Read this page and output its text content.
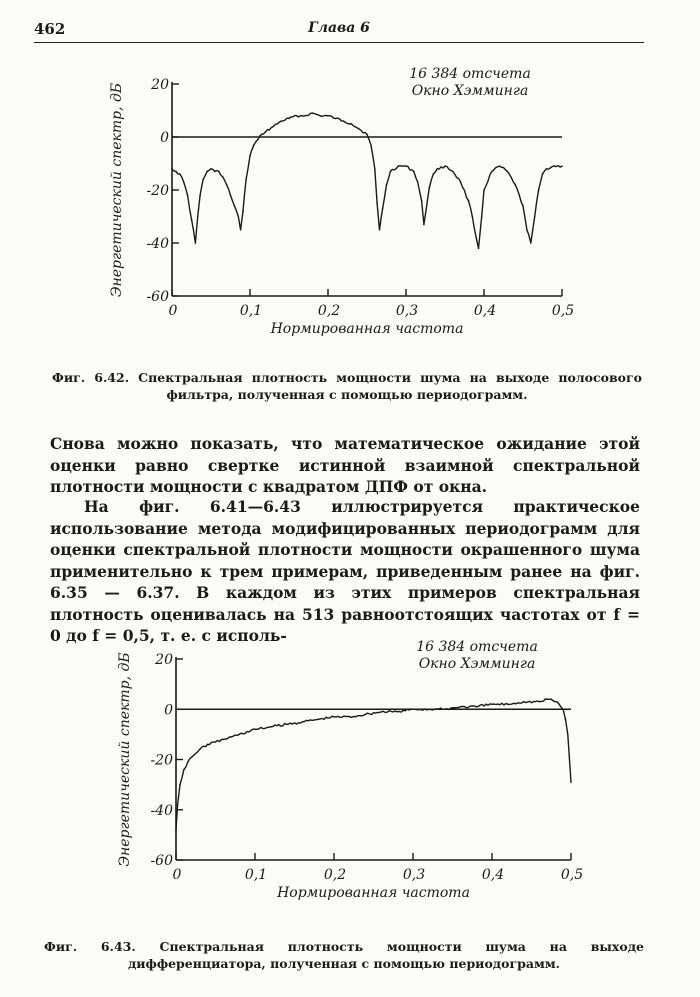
462	Глава 6
20
0
-20
-40
-60
0	0,1	0,2	0,3	0,4	0,5
Нормированная частота
Энергетический спектр, дБ
16 384 отсчета
Окно Хэмминга
Фиг. 6.42. Спектральная плотность мощности шума на выходе полосового фильтра, полученная с помощью периодограмм.

Снова можно показать, что математическое ожидание этой оценки равно свертке истинной взаимной спектральной плотности мощности с квадратом ДПФ от окна.

На фиг. 6.41—6.43 иллюстрируется практическое использование метода модифицированных периодограмм для оценки спектральной плотности мощности окрашенного шума применительно к трем примерам, приведенным ранее на фиг. 6.35 — 6.37. В каждом из этих примеров спектральная плотность оценивалась на 513 равноотстоящих частотах от f = 0 до f = 0,5, т. е. с исполь-

20
0
-20
-40
-60
0	0,1	0,2	0,3	0,4	0,5
Нормированная частота
Энергетический спектр, дБ
16 384 отсчета
Окно Хэмминга
Фиг. 6.43. Спектральная плотность мощности шума на выходе дифференциатора, полученная с помощью периодограмм.
